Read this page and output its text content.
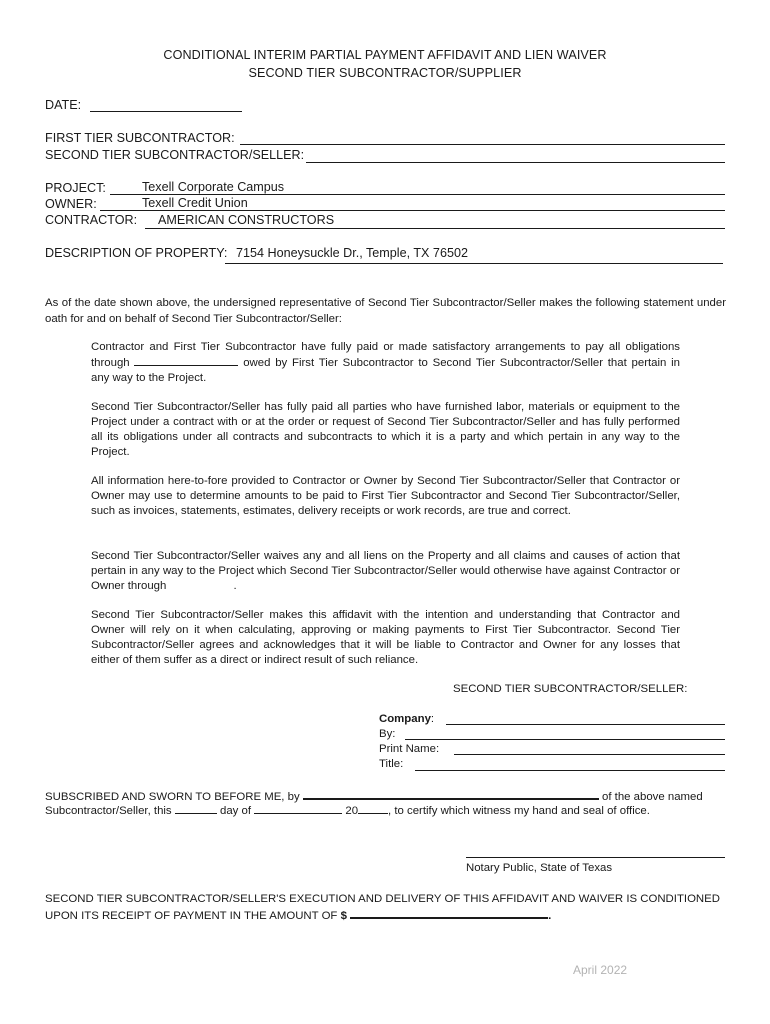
CONDITIONAL INTERIM PARTIAL PAYMENT AFFIDAVIT AND LIEN WAIVER
SECOND TIER SUBCONTRACTOR/SUPPLIER
DATE:
FIRST TIER SUBCONTRACTOR:
SECOND TIER SUBCONTRACTOR/SELLER:
PROJECT:	Texell Corporate Campus
OWNER:	Texell Credit Union
CONTRACTOR: AMERICAN CONSTRUCTORS
DESCRIPTION OF PROPERTY: 7154 Honeysuckle Dr., Temple, TX 76502
As of the date shown above, the undersigned representative of Second Tier Subcontractor/Seller makes the following statement under oath for and on behalf of Second Tier Subcontractor/Seller:
Contractor and First Tier Subcontractor have fully paid or made satisfactory arrangements to pay all obligations through	owed by First Tier Subcontractor to Second Tier Subcontractor/Seller that pertain in any way to the Project.
Second Tier Subcontractor/Seller has fully paid all parties who have furnished labor, materials or equipment to the Project under a contract with or at the order or request of Second Tier Subcontractor/Seller and has fully performed all its obligations under all contracts and subcontracts to which it is a party and which pertain in any way to the Project.
All information here-to-fore provided to Contractor or Owner by Second Tier Subcontractor/Seller that Contractor or Owner may use to determine amounts to be paid to First Tier Subcontractor and Second Tier Subcontractor/Seller, such as invoices, statements, estimates, delivery receipts or work records, are true and correct.
Second Tier Subcontractor/Seller waives any and all liens on the Property and all claims and causes of action that pertain in any way to the Project which Second Tier Subcontractor/Seller would otherwise have against Contractor or Owner through	.
Second Tier Subcontractor/Seller makes this affidavit with the intention and understanding that Contractor and Owner will rely on it when calculating, approving or making payments to First Tier Subcontractor. Second Tier Subcontractor/Seller agrees and acknowledges that it will be liable to Contractor and Owner for any losses that either of them suffer as a direct or indirect result of such reliance.
SECOND TIER SUBCONTRACTOR/SELLER:
Company:
By:
Print Name:
Title:
SUBSCRIBED AND SWORN TO BEFORE ME, by	of the above named
Subcontractor/Seller, this	day of	20	, to certify which witness my hand and seal of office.
Notary Public, State of Texas
SECOND TIER SUBCONTRACTOR/SELLER'S EXECUTION AND DELIVERY OF THIS AFFIDAVIT AND WAIVER IS CONDITIONED
UPON ITS RECEIPT OF PAYMENT IN THE AMOUNT OF $	.
April 2022
